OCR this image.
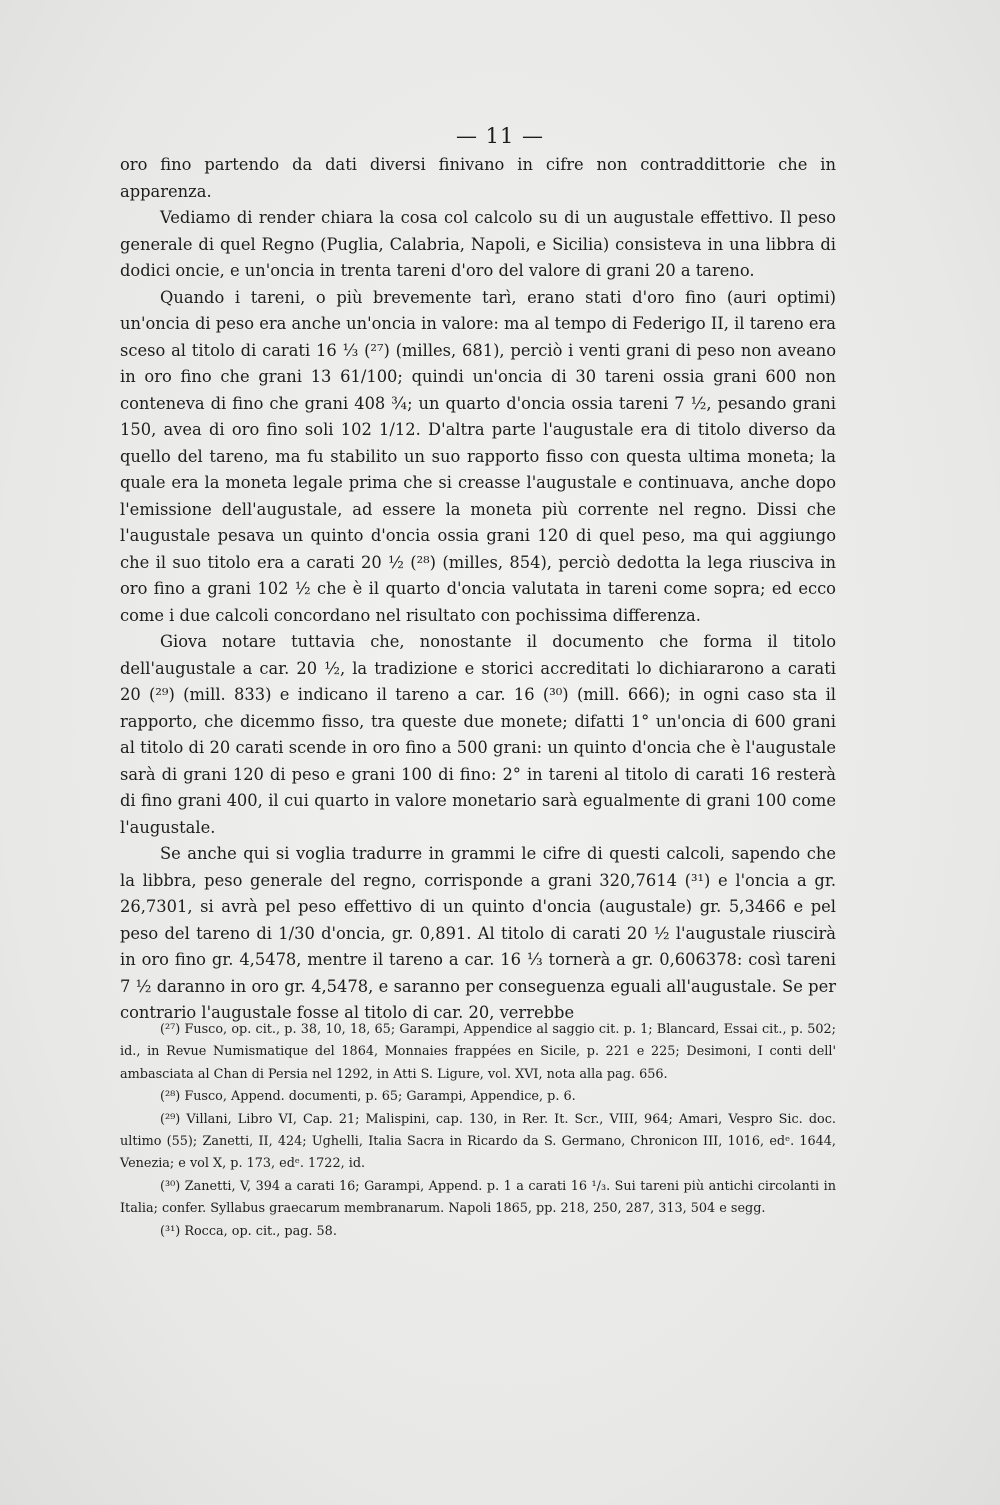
— 11 —

oro fino partendo da dati diversi finivano in cifre non contraddittorie che in apparenza.

Vediamo di render chiara la cosa col calcolo su di un augustale effettivo. Il peso generale di quel Regno (Puglia, Calabria, Napoli, e Sicilia) consisteva in una libbra di dodici oncie, e un'oncia in trenta tareni d'oro del valore di grani 20 a tareno.

Quando i tareni, o più brevemente tarì, erano stati d'oro fino (auri optimi) un'oncia di peso era anche un'oncia in valore: ma al tempo di Federigo II, il tareno era sceso al titolo di carati 16 ⅓ (²⁷) (milles, 681), perciò i venti grani di peso non aveano in oro fino che grani 13 61/100; quindi un'oncia di 30 tareni ossia grani 600 non conteneva di fino che grani 408 ¾; un quarto d'oncia ossia tareni 7 ½, pesando grani 150, avea di oro fino soli 102 1/12. D'altra parte l'augustale era di titolo diverso da quello del tareno, ma fu stabilito un suo rapporto fisso con questa ultima moneta; la quale era la moneta legale prima che si creasse l'augustale e continuava, anche dopo l'emissione dell'augustale, ad essere la moneta più corrente nel regno. Dissi che l'augustale pesava un quinto d'oncia ossia grani 120 di quel peso, ma qui aggiungo che il suo titolo era a carati 20 ½ (²⁸) (milles, 854), perciò dedotta la lega riusciva in oro fino a grani 102 ½ che è il quarto d'oncia valutata in tareni come sopra; ed ecco come i due calcoli concordano nel risultato con pochissima differenza.

Giova notare tuttavia che, nonostante il documento che forma il titolo dell'augustale a car. 20 ½, la tradizione e storici accreditati lo dichiararono a carati 20 (²⁹) (mill. 833) e indicano il tareno a car. 16 (³⁰) (mill. 666); in ogni caso sta il rapporto, che dicemmo fisso, tra queste due monete; difatti 1° un'oncia di 600 grani al titolo di 20 carati scende in oro fino a 500 grani: un quinto d'oncia che è l'augustale sarà di grani 120 di peso e grani 100 di fino: 2° in tareni al titolo di carati 16 resterà di fino grani 400, il cui quarto in valore monetario sarà egualmente di grani 100 come l'augustale.

Se anche qui si voglia tradurre in grammi le cifre di questi calcoli, sapendo che la libbra, peso generale del regno, corrisponde a grani 320,7614 (³¹) e l'oncia a gr. 26,7301, si avrà pel peso effettivo di un quinto d'oncia (augustale) gr. 5,3466 e pel peso del tareno di 1/30 d'oncia, gr. 0,891. Al titolo di carati 20 ½ l'augustale riuscirà in oro fino gr. 4,5478, mentre il tareno a car. 16 ⅓ tornerà a gr. 0,606378: così tareni 7 ½ daranno in oro gr. 4,5478, e saranno per conseguenza eguali all'augustale. Se per contrario l'augustale fosse al titolo di car. 20, verrebbe

(²⁷) Fusco, op. cit., p. 38, 10, 18, 65; Garampi, Appendice al saggio cit. p. 1; Blancard, Essai cit., p. 502; id., in Revue Numismatique del 1864, Monnaies frappées en Sicile, p. 221 e 225; Desimoni, I conti dell' ambasciata al Chan di Persia nel 1292, in Atti S. Ligure, vol. XVI, nota alla pag. 656.

(²⁸) Fusco, Append. documenti, p. 65; Garampi, Appendice, p. 6.

(²⁹) Villani, Libro VI, Cap. 21; Malispini, cap. 130, in Rer. It. Scr., VIII, 964; Amari, Vespro Sic. doc. ultimo (55); Zanetti, II, 424; Ughelli, Italia Sacra in Ricardo da S. Germano, Chronicon III, 1016, edᵉ. 1644, Venezia; e vol X, p. 173, edᵉ. 1722, id.

(³⁰) Zanetti, V, 394 a carati 16; Garampi, Append. p. 1 a carati 16 ¹/₃. Sui tareni più antichi circolanti in Italia; confer. Syllabus graecarum membranarum. Napoli 1865, pp. 218, 250, 287, 313, 504 e segg.

(³¹) Rocca, op. cit., pag. 58.
